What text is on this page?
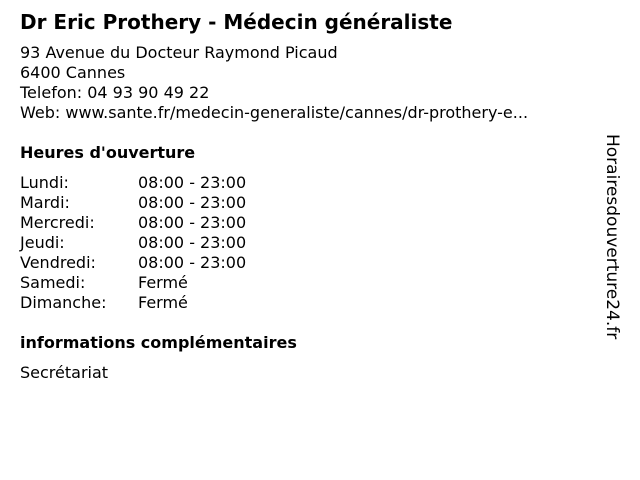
Dr Eric Prothery - Médecin généraliste
93 Avenue du Docteur Raymond Picaud
6400 Cannes
Telefon: 04 93 90 49 22
Web: www.sante.fr/medecin-generaliste/cannes/dr-prothery-e...
Heures d'ouverture
Lundi:	08:00 - 23:00
Mardi:	08:00 - 23:00
Mercredi:	08:00 - 23:00
Jeudi:	08:00 - 23:00
Vendredi:	08:00 - 23:00
Samedi:	Fermé
Dimanche:	Fermé
informations complémentaires
Secrétariat
Horairesdouverture24.fr
